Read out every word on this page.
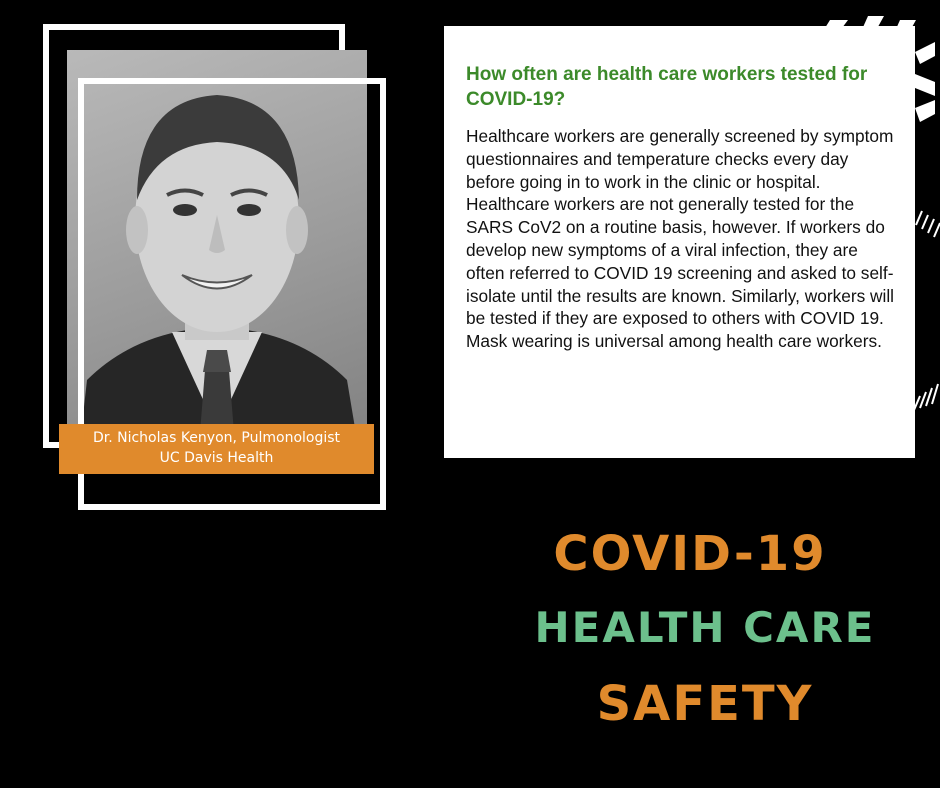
Dr. Nicholas Kenyon, Pulmonologist
UC Davis Health

How often are health care workers tested for COVID-19?

Healthcare workers are generally screened by symptom questionnaires and temperature checks every day before going in to work in the clinic or hospital. Healthcare workers are not generally tested for the SARS CoV2 on a routine basis, however. If workers do develop new symptoms of a viral infection, they are often referred to COVID 19 screening and asked to self-isolate until the results are known. Similarly, workers will be tested if they are exposed to others with COVID 19. Mask wearing is universal among health care workers.

COVID-19
HEALTH CARE
SAFETY
